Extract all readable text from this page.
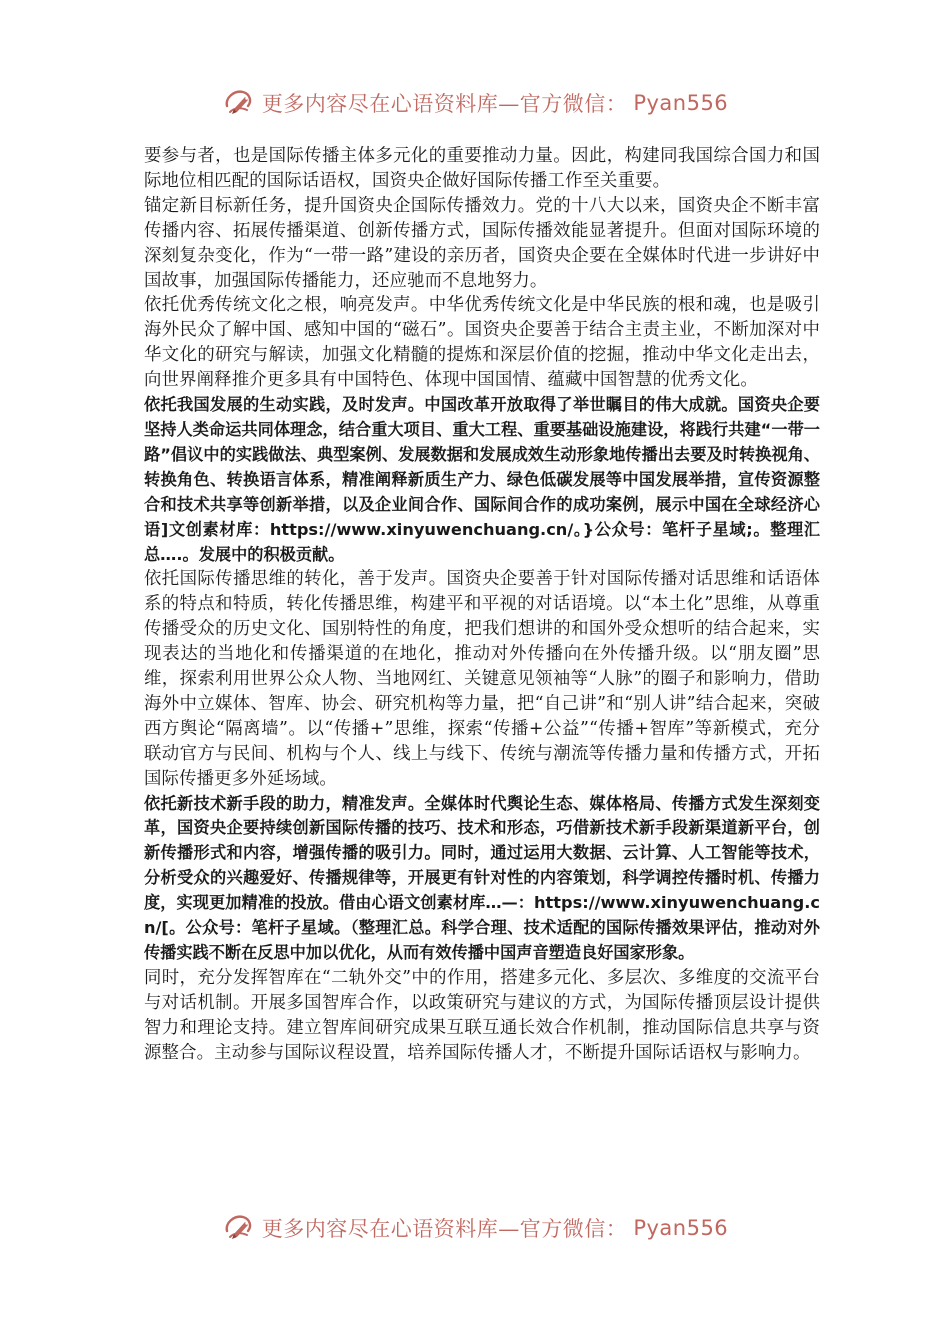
更多内容尽在心语资料库—官方微信： Pyan556

要参与者，也是国际传播主体多元化的重要推动力量。因此，构建同我国综合国力和国际地位相匹配的国际话语权，国资央企做好国际传播工作至关重要。

锚定新目标新任务，提升国资央企国际传播效力。党的十八大以来，国资央企不断丰富传播内容、拓展传播渠道、创新传播方式，国际传播效能显著提升。但面对国际环境的深刻复杂变化，作为“一带一路”建设的亲历者，国资央企要在全媒体时代进一步讲好中国故事，加强国际传播能力，还应驰而不息地努力。

依托优秀传统文化之根，响亮发声。中华优秀传统文化是中华民族的根和魂，也是吸引海外民众了解中国、感知中国的“磁石”。国资央企要善于结合主责主业，不断加深对中华文化的研究与解读，加强文化精髓的提炼和深层价值的挖掘，推动中华文化走出去，向世界阐释推介更多具有中国特色、体现中国国情、蕴藏中国智慧的优秀文化。

依托我国发展的生动实践，及时发声。中国改革开放取得了举世瞩目的伟大成就。国资央企要坚持人类命运共同体理念，结合重大项目、重大工程、重要基础设施建设，将践行共建“一带一路”倡议中的实践做法、典型案例、发展数据和发展成效生动形象地传播出去要及时转换视角、转换角色、转换语言体系，精准阐释新质生产力、绿色低碳发展等中国发展举措，宣传资源整合和技术共享等创新举措，以及企业间合作、国际间合作的成功案例，展示中国在全球经济心语]文创素材库：https://www.xinyuwenchuang.cn/。}公众号：笔杆子星域;。整理汇总….。发展中的积极贡献。

依托国际传播思维的转化，善于发声。国资央企要善于针对国际传播对话思维和话语体系的特点和特质，转化传播思维，构建平和平视的对话语境。以“本土化”思维，从尊重传播受众的历史文化、国别特性的角度，把我们想讲的和国外受众想听的结合起来，实现表达的当地化和传播渠道的在地化，推动对外传播向在外传播升级。以“朋友圈”思维，探索利用世界公众人物、当地网红、关键意见领袖等“人脉”的圈子和影响力，借助海外中立媒体、智库、协会、研究机构等力量，把“自己讲”和“别人讲”结合起来，突破西方舆论“隔离墙”。以“传播+”思维，探索“传播+公益”“传播+智库”等新模式，充分联动官方与民间、机构与个人、线上与线下、传统与潮流等传播力量和传播方式，开拓国际传播更多外延场域。

依托新技术新手段的助力，精准发声。全媒体时代舆论生态、媒体格局、传播方式发生深刻变革，国资央企要持续创新国际传播的技巧、技术和形态，巧借新技术新手段新渠道新平台，创新传播形式和内容，增强传播的吸引力。同时，通过运用大数据、云计算、人工智能等技术，分析受众的兴趣爱好、传播规律等，开展更有针对性的内容策划，科学调控传播时机、传播力度，实现更加精准的投放。借由心语文创素材库…—：https://www.xinyuwenchuang.cn/[。公众号：笔杆子星域。（整理汇总。科学合理、技术适配的国际传播效果评估，推动对外传播实践不断在反思中加以优化，从而有效传播中国声音塑造良好国家形象。

同时，充分发挥智库在“二轨外交”中的作用，搭建多元化、多层次、多维度的交流平台与对话机制。开展多国智库合作，以政策研究与建议的方式，为国际传播顶层设计提供智力和理论支持。建立智库间研究成果互联互通长效合作机制，推动国际信息共享与资源整合。主动参与国际议程设置，培养国际传播人才，不断提升国际话语权与影响力。

更多内容尽在心语资料库—官方微信： Pyan556
